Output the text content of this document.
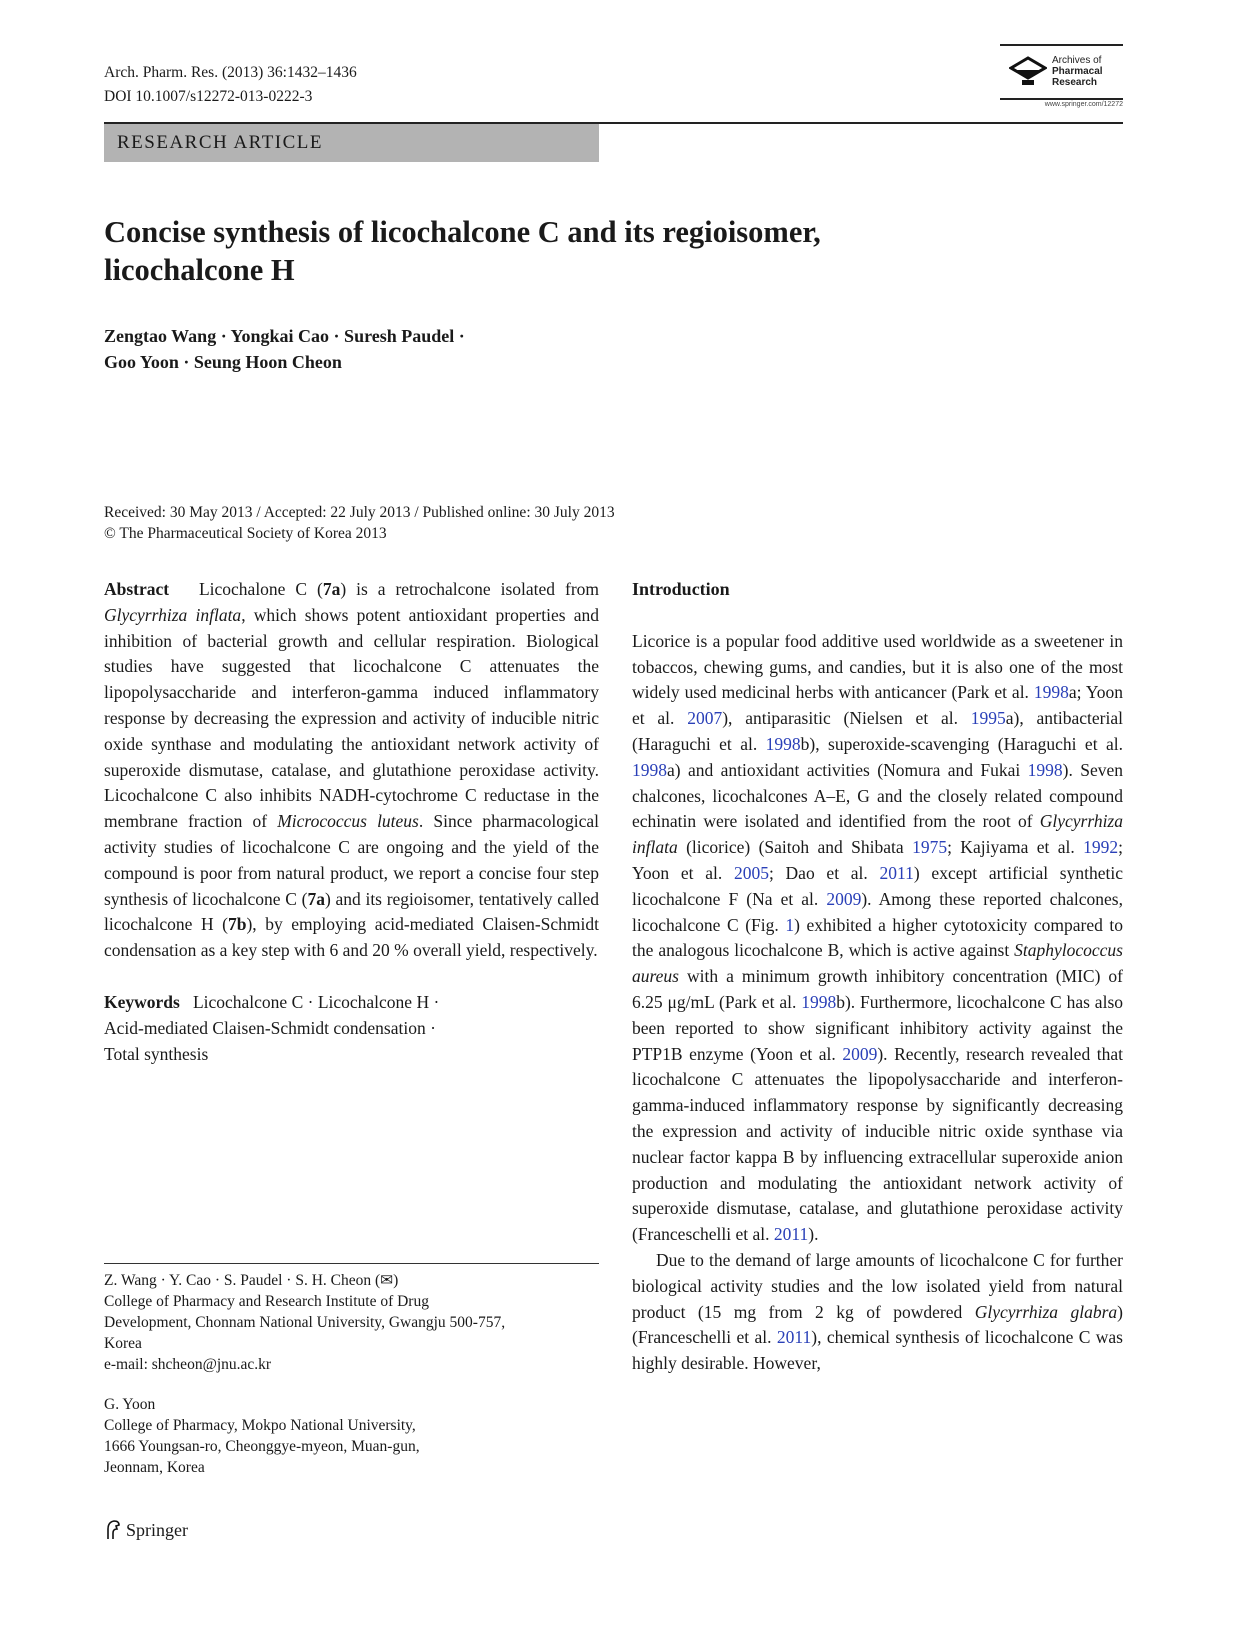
Arch. Pharm. Res. (2013) 36:1432–1436
DOI 10.1007/s12272-013-0222-3
Archives of
Pharmacal
Research
www.springer.com/12272
RESEARCH ARTICLE
Concise synthesis of licochalcone C and its regioisomer,
licochalcone H
Zengtao Wang · Yongkai Cao · Suresh Paudel ·
Goo Yoon · Seung Hoon Cheon
Received: 30 May 2013 / Accepted: 22 July 2013 / Published online: 30 July 2013
© The Pharmaceutical Society of Korea 2013

Abstract Licochalone C (7a) is a retrochalcone isolated from Glycyrrhiza inflata, which shows potent antioxidant properties and inhibition of bacterial growth and cellular respiration. Biological studies have suggested that licochalcone C attenuates the lipopolysaccharide and interferon-gamma induced inflammatory response by decreasing the expression and activity of inducible nitric oxide synthase and modulating the antioxidant network activity of superoxide dismutase, catalase, and glutathione peroxidase activity. Licochalcone C also inhibits NADH-cytochrome C reductase in the membrane fraction of Micrococcus luteus. Since pharmacological activity studies of licochalcone C are ongoing and the yield of the compound is poor from natural product, we report a concise four step synthesis of licochalcone C (7a) and its regioisomer, tentatively called licochalcone H (7b), by employing acid-mediated Claisen-Schmidt condensation as a key step with 6 and 20 % overall yield, respectively.

Keywords Licochalcone C · Licochalcone H ·
Acid-mediated Claisen-Schmidt condensation ·
Total synthesis

Z. Wang · Y. Cao · S. Paudel · S. H. Cheon (✉)

College of Pharmacy and Research Institute of Drug
Development, Chonnam National University, Gwangju 500-757,
Korea

e-mail: shcheon@jnu.ac.kr

G. Yoon

College of Pharmacy, Mokpo National University,
1666 Youngsan-ro, Cheonggye-myeon, Muan-gun,
Jeonnam, Korea

Introduction

Licorice is a popular food additive used worldwide as a sweetener in tobaccos, chewing gums, and candies, but it is also one of the most widely used medicinal herbs with anticancer (Park et al. 1998a; Yoon et al. 2007), antiparasitic (Nielsen et al. 1995a), antibacterial (Haraguchi et al. 1998b), superoxide-scavenging (Haraguchi et al. 1998a) and antioxidant activities (Nomura and Fukai 1998). Seven chalcones, licochalcones A–E, G and the closely related compound echinatin were isolated and identified from the root of Glycyrrhiza inflata (licorice) (Saitoh and Shibata 1975; Kajiyama et al. 1992; Yoon et al. 2005; Dao et al. 2011) except artificial synthetic licochalcone F (Na et al. 2009). Among these reported chalcones, licochalcone C (Fig. 1) exhibited a higher cytotoxicity compared to the analogous licochalcone B, which is active against Staphylococcus aureus with a minimum growth inhibitory concentration (MIC) of 6.25 μg/mL (Park et al. 1998b). Furthermore, licochalcone C has also been reported to show significant inhibitory activity against the PTP1B enzyme (Yoon et al. 2009). Recently, research revealed that licochalcone C attenuates the lipopolysaccharide and interferon-gamma-induced inflammatory response by significantly decreasing the expression and activity of inducible nitric oxide synthase via nuclear factor kappa B by influencing extracellular superoxide anion production and modulating the antioxidant network activity of superoxide dismutase, catalase, and glutathione peroxidase activity (Franceschelli et al. 2011).

Due to the demand of large amounts of licochalcone C for further biological activity studies and the low isolated yield from natural product (15 mg from 2 kg of powdered Glycyrrhiza glabra) (Franceschelli et al. 2011), chemical synthesis of licochalcone C was highly desirable. However,

Springer
